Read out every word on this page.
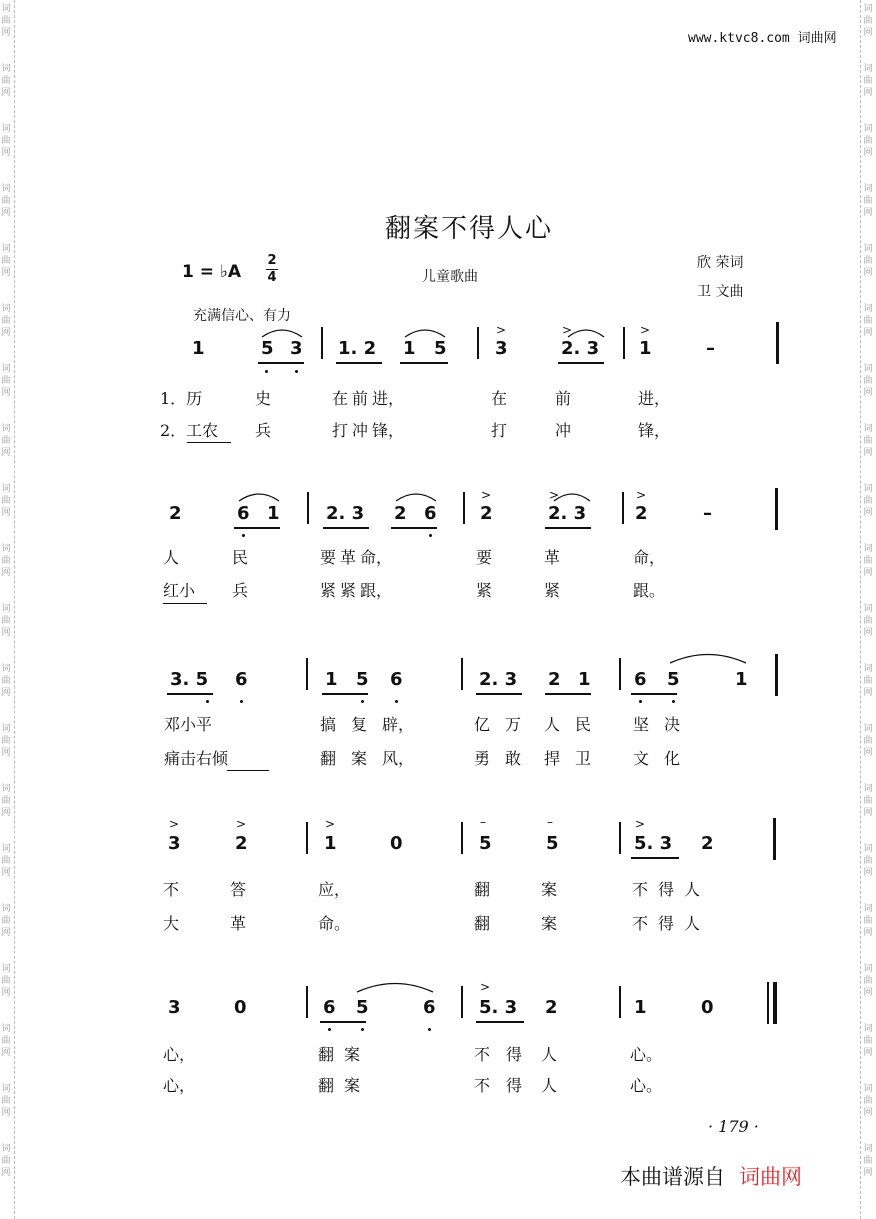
词
曲
网
词
曲
网
词
曲
网
词
曲
网
词
曲
网
词
曲
网
词
曲
网
词
曲
网
词
曲
网
词
曲
网
词
曲
网
词
曲
网
词
曲
网
词
曲
网
词
曲
网
词
曲
网
词
曲
网
词
曲
网
词
曲
网
词
曲
网
词
曲
网
词
曲
网
词
曲
网
词
曲
网
词
曲
网
词
曲
网
词
曲
网
词
曲
网
词
曲
网
词
曲
网
词
曲
网
词
曲
网
词
曲
网
词
曲
网
词
曲
网
词
曲
网
词
曲
网
词
曲
网
词
曲
网
词
曲
网
www.ktvc8.com 词曲网
翻案不得人心
1 = ♭A
2
4	儿童歌曲
欣 荣词
卫 文曲
充满信心、有力
1	5 3 1. 2 1 5	3	2. 3 1	–
>	>	>
1．历	史	在 前 进，	在	前	进，
2．工农 兵	打 冲 锋，	打	冲	锋，
2	6 1	2. 3 2 6 2	2. 3	2	–
>	>	>
人	民	要 革 命，	要	革	命，
红小 兵	紧 紧 跟，	紧	紧	跟。
3. 5 6	1 5 6	2. 3 2 1 6 5	1
邓小平	搞 复 辟，	亿 万 人 民	坚 决
痛击右倾	翻 案 风，	勇 敢 捍 卫	文 化
3	2	1	0	5	5	5. 3 2
>	>	>	–	–	>
不	答	应，	翻	案	不得人
大	革	命。	翻	案	不得人
3	0	6 5	6 5. 3 2	1	0
>
心，	翻案	不 得 人	心。
心，	翻案	不 得 人	心。
· 179 ·
本曲谱源自 词曲网
